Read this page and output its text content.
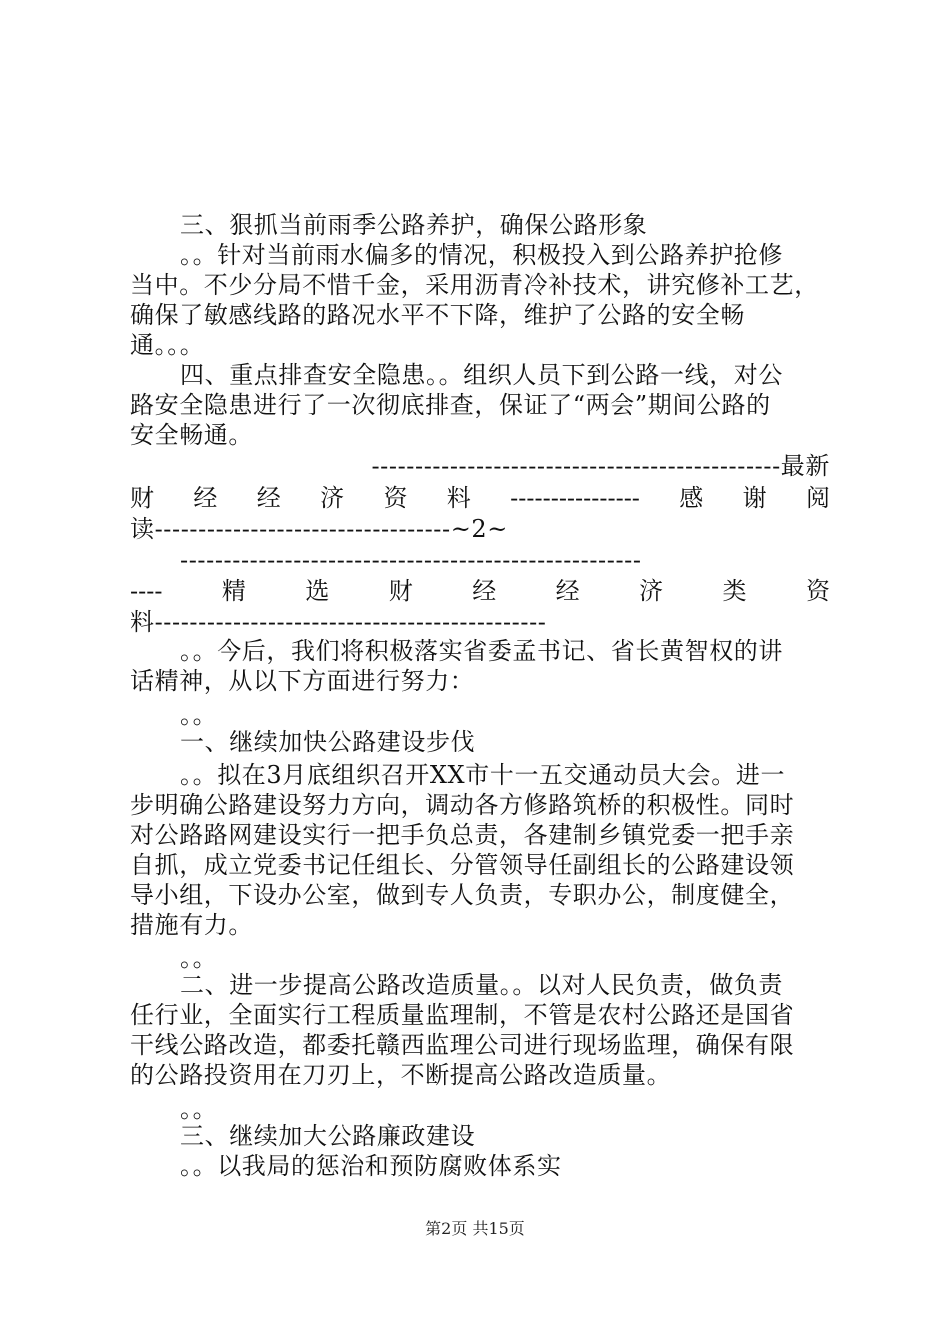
三、狠抓当前雨季公路养护，确保公路形象
。。针对当前雨水偏多的情况，积极投入到公路养护抢修
当中。不少分局不惜千金，采用沥青冷补技术，讲究修补工艺，
确保了敏感线路的路况水平不下降，维护了公路的安全畅
通。。。
四、重点排查安全隐患。。组织人员下到公路一线，对公
路安全隐患进行了一次彻底排查，保证了“两会”期间公路的
安全畅通。
-----------------------------------------------最新
财 经 经 济 资 料 ---------------- 感 谢 阅
读----------------------------------~2~
-----------------------------------------------------
---- 精 选 财 经 经 济 类 资
料---------------------------------------------
。。今后，我们将积极落实省委孟书记、省长黄智权的讲
话精神，从以下方面进行努力：
。。
一、继续加快公路建设步伐
。。拟在3月底组织召开XX市十一五交通动员大会。进一
步明确公路建设努力方向，调动各方修路筑桥的积极性。同时
对公路路网建设实行一把手负总责，各建制乡镇党委一把手亲
自抓，成立党委书记任组长、分管领导任副组长的公路建设领
导小组，下设办公室，做到专人负责，专职办公，制度健全，
措施有力。
。。
二、进一步提高公路改造质量。。以对人民负责，做负责
任行业，全面实行工程质量监理制，不管是农村公路还是国省
干线公路改造，都委托赣西监理公司进行现场监理，确保有限
的公路投资用在刀刃上，不断提高公路改造质量。
。。
三、继续加大公路廉政建设
。。以我局的惩治和预防腐败体系实
第2页 共15页
